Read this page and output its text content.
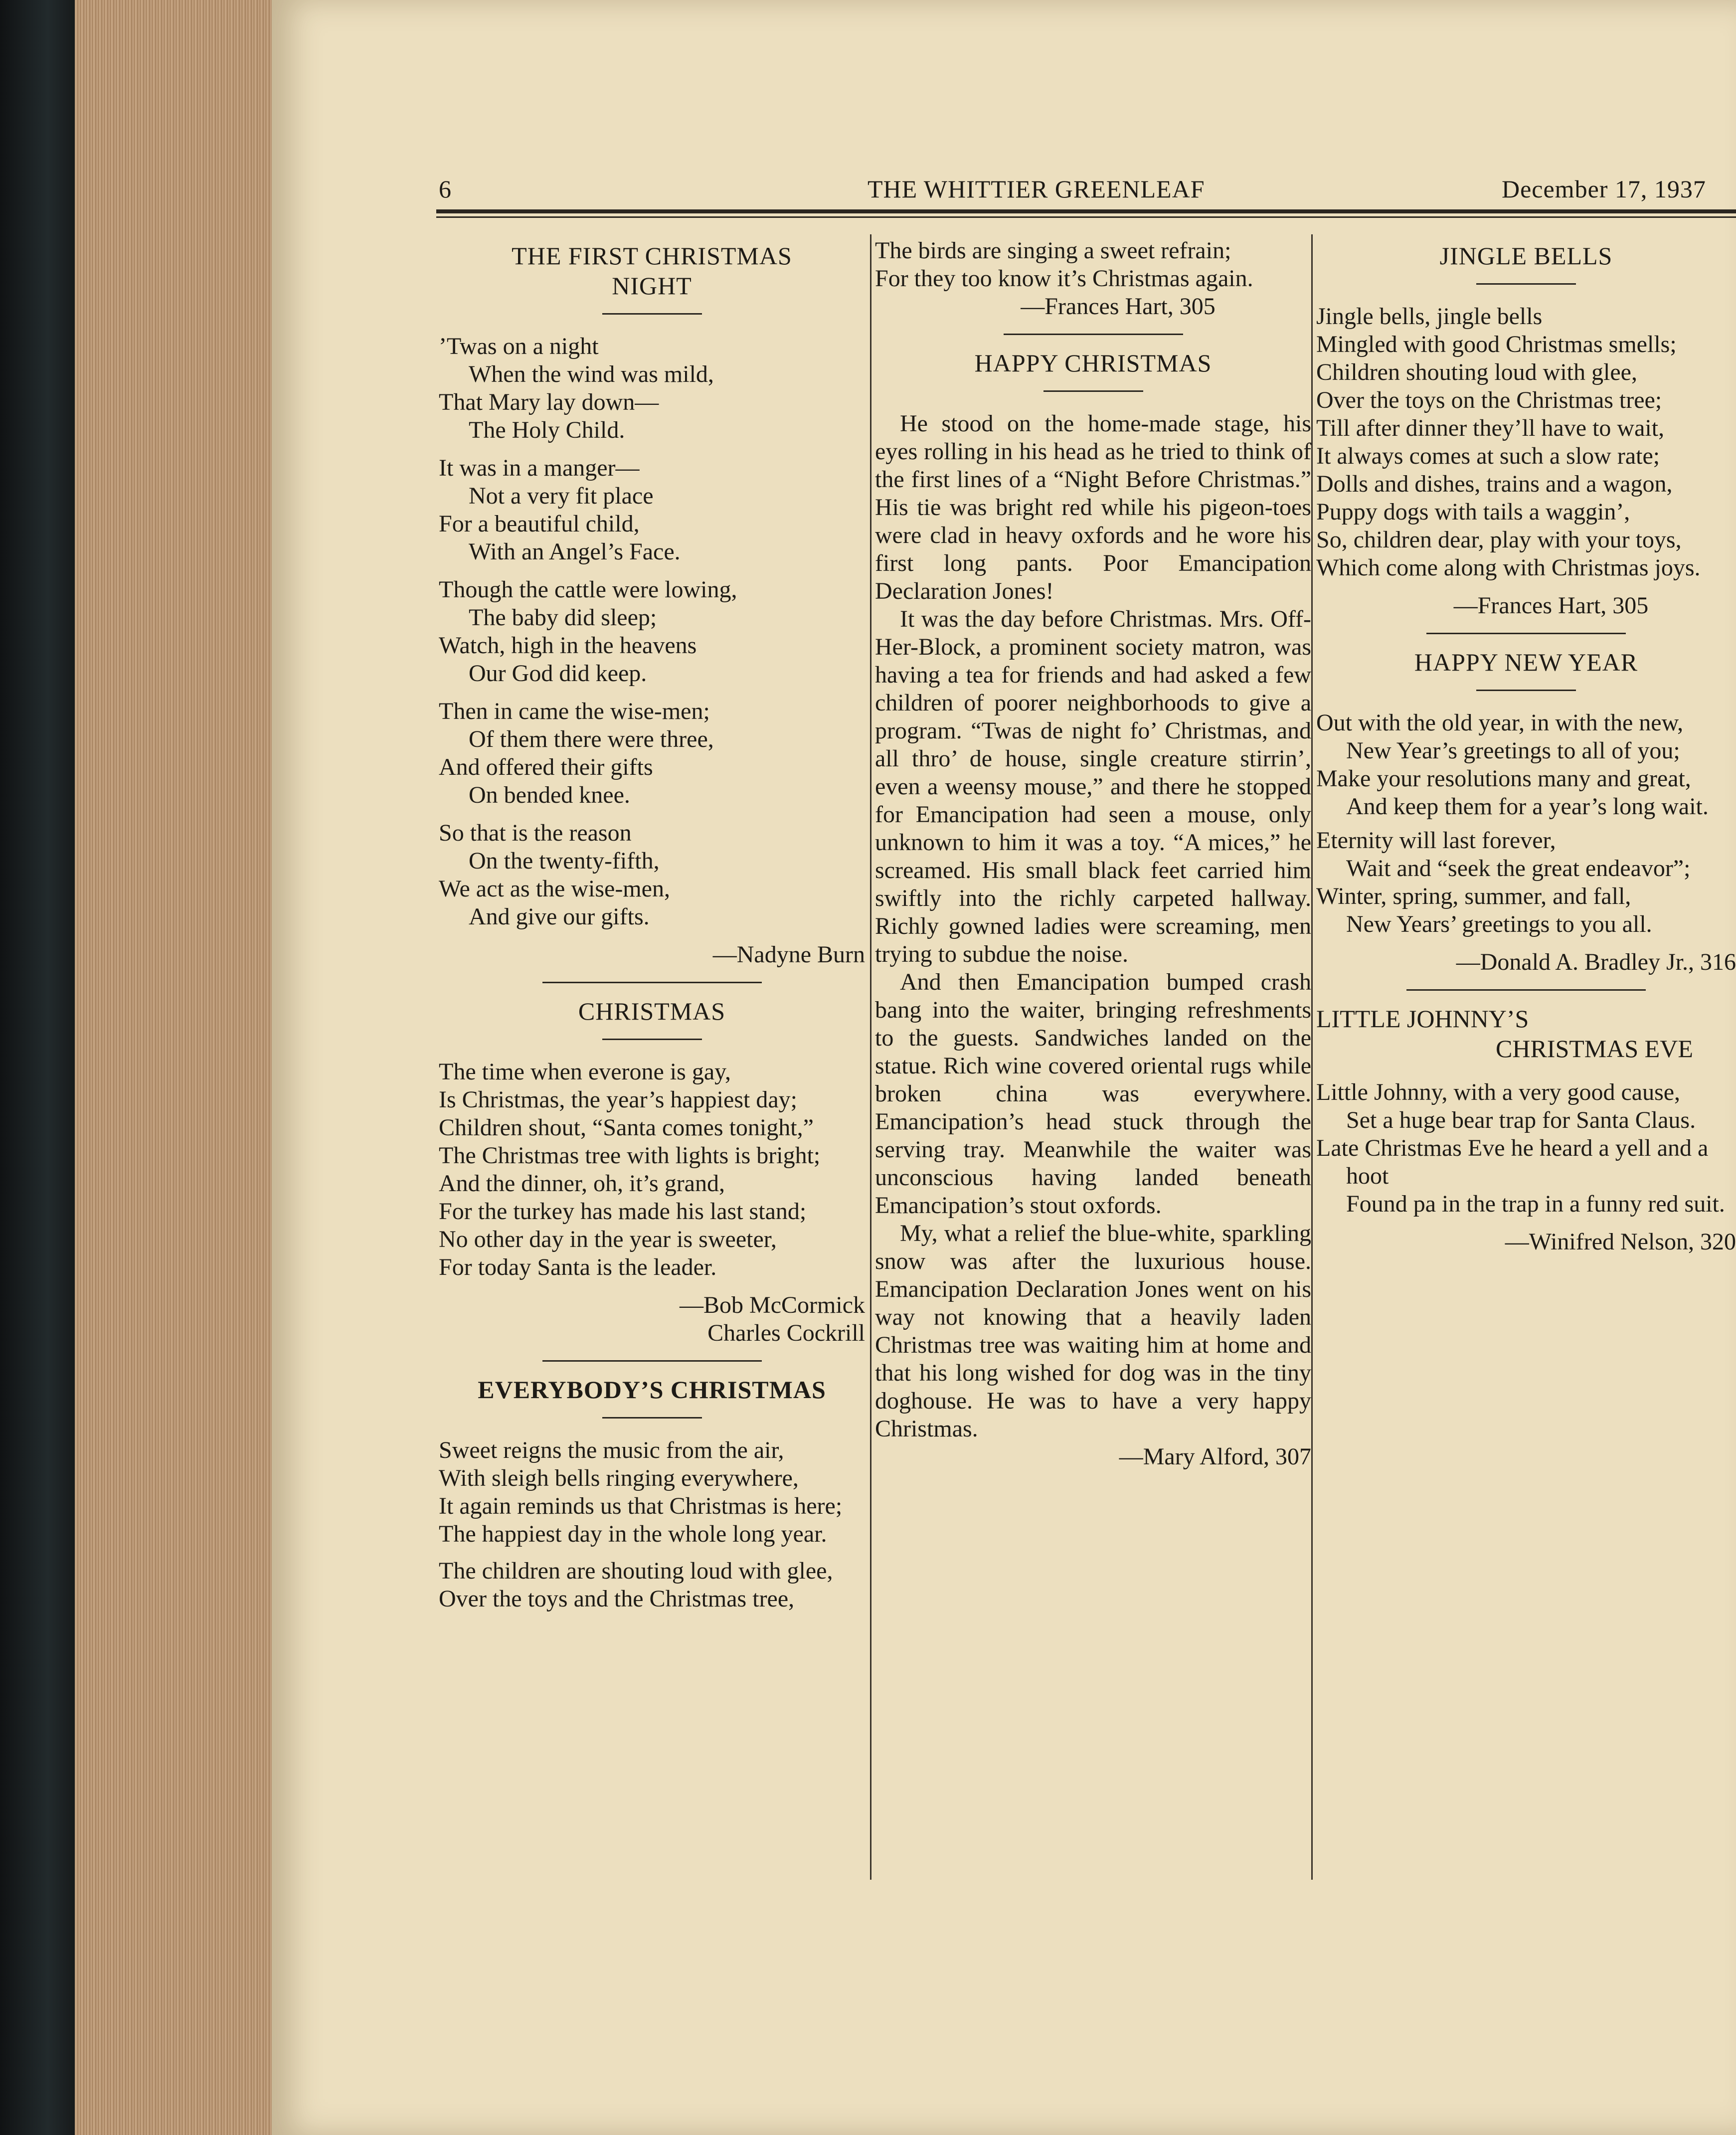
6	THE WHITTIER GREENLEAF	December 17, 1937
THE FIRST CHRISTMAS
NIGHT
’Twas on a night
When the wind was mild,
That Mary lay down—
The Holy Child.
It was in a manger—
Not a very fit place
For a beautiful child,
With an Angel’s Face.
Though the cattle were lowing,
The baby did sleep;
Watch, high in the heavens
Our God did keep.
Then in came the wise-men;
Of them there were three,
And offered their gifts
On bended knee.
So that is the reason
On the twenty-fifth,
We act as the wise-men,
And give our gifts.
—Nadyne Burn
CHRISTMAS
The time when everone is gay,
Is Christmas, the year’s happiest day;
Children shout, “Santa comes tonight,”
The Christmas tree with lights is bright;
And the dinner, oh, it’s grand,
For the turkey has made his last stand;
No other day in the year is sweeter,
For today Santa is the leader.
—Bob McCormick
Charles Cockrill
EVERYBODY’S CHRISTMAS
Sweet reigns the music from the air,
With sleigh bells ringing everywhere,
It again reminds us that Christmas is here;
The happiest day in the whole long year.
The children are shouting loud with glee,
Over the toys and the Christmas tree,
The birds are singing a sweet refrain;
For they too know it’s Christmas again.
—Frances Hart, 305
HAPPY CHRISTMAS

He stood on the home-made stage, his eyes rolling in his head as he tried to think of the first lines of a “Night Before Christmas.” His tie was bright red while his pigeon-toes were clad in heavy oxfords and he wore his first long pants. Poor Emancipation Declaration Jones!

It was the day before Christmas. Mrs. Off-Her-Block, a prominent society matron, was having a tea for friends and had asked a few children of poorer neighborhoods to give a program. “Twas de night fo’ Christmas, and all thro’ de house, single creature stirrin’, even a weensy mouse,” and there he stopped for Emancipation had seen a mouse, only unknown to him it was a toy. “A mices,” he screamed. His small black feet carried him swiftly into the richly carpeted hallway. Richly gowned ladies were screaming, men trying to subdue the noise.

And then Emancipation bumped crash bang into the waiter, bringing refreshments to the guests. Sandwiches landed on the statue. Rich wine covered oriental rugs while broken china was everywhere. Emancipation’s head stuck through the serving tray. Meanwhile the waiter was unconscious having landed beneath Emancipation’s stout oxfords.

My, what a relief the blue-white, sparkling snow was after the luxurious house. Emancipation Declaration Jones went on his way not knowing that a heavily laden Christmas tree was waiting him at home and that his long wished for dog was in the tiny doghouse. He was to have a very happy Christmas.

—Mary Alford, 307
JINGLE BELLS
Jingle bells, jingle bells
Mingled with good Christmas smells;
Children shouting loud with glee,
Over the toys on the Christmas tree;
Till after dinner they’ll have to wait,
It always comes at such a slow rate;
Dolls and dishes, trains and a wagon,
Puppy dogs with tails a waggin’,
So, children dear, play with your toys,
Which come along with Christmas joys.
—Frances Hart, 305
HAPPY NEW YEAR
Out with the old year, in with the new,
New Year’s greetings to all of you;
Make your resolutions many and great,
And keep them for a year’s long wait.
Eternity will last forever,
Wait and “seek the great endeavor”;
Winter, spring, summer, and fall,
New Years’ greetings to you all.
—Donald A. Bradley Jr., 316
LITTLE JOHNNY’S
CHRISTMAS EVE
Little Johnny, with a very good cause,
Set a huge bear trap for Santa Claus.
Late Christmas Eve he heard a yell and a hoot
Found pa in the trap in a funny red suit.
—Winifred Nelson, 320
